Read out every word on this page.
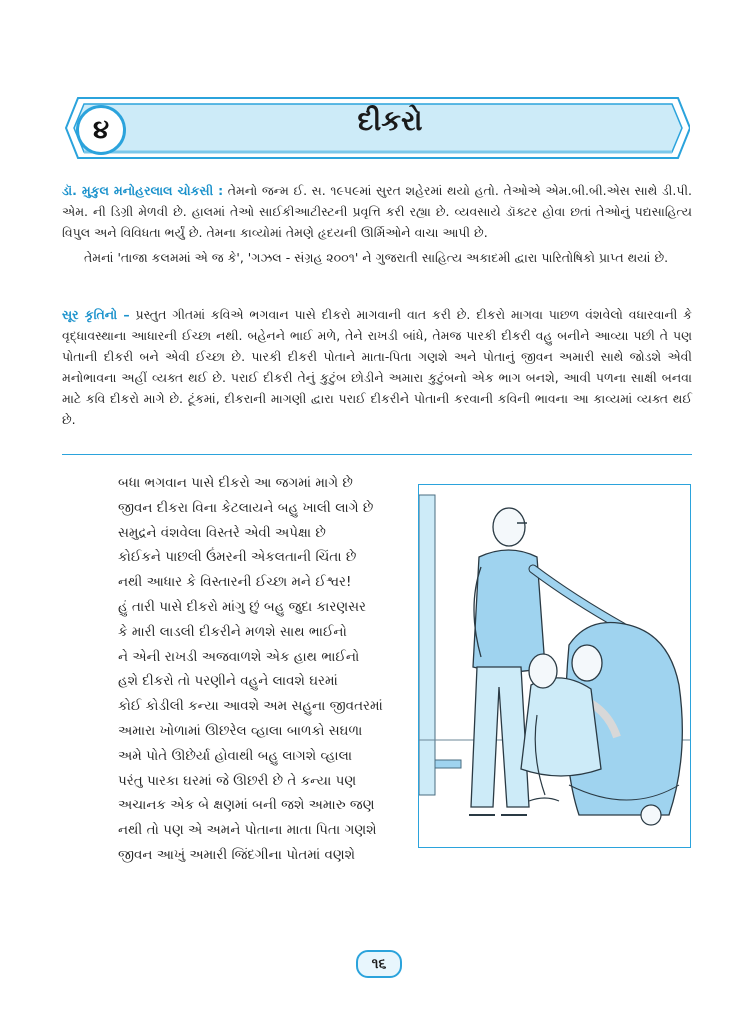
૪	દીકરો

ડૉ. મુકુલ મનોહરલાલ ચોકસી : તેમનો જન્મ ઈ. સ. ૧૯૫૯માં સુરત શહેરમાં થયો હતો. તેઓએ એમ.બી.બી.એસ સાથે ડી.પી. એમ. ની ડિગ્રી મેળવી છે. હાલમાં તેઓ સાઈકીઆટીસ્ટની પ્રવૃત્તિ કરી રહ્યા છે. વ્યવસાયે ડૉક્ટર હોવા છતાં તેઓનું પદ્યસાહિત્ય વિપુલ અને વિવિધતા ભર્યું છે. તેમના કાવ્યોમાં તેમણે હૃદયની ઊર્મિઓને વાચા આપી છે.

તેમનાં 'તાજા કલમમાં એ જ કે', 'ગઝલ - સંગ્રહ ૨૦૦૧' ને ગુજરાતી સાહિત્ય અકાદમી દ્વારા પારિતોષિકો પ્રાપ્ત થયાં છે.

સૂર કૃતિનો – પ્રસ્તુત ગીતમાં કવિએ ભગવાન પાસે દીકરો માગવાની વાત કરી છે. દીકરો માગવા પાછળ વંશવેલો વધારવાની કે વૃદ્ધાવસ્થાના આધારની ઈચ્છા નથી. બહેનને ભાઈ મળે, તેને રાખડી બાંધે, તેમજ પારકી દીકરી વહુ બનીને આવ્યા પછી તે પણ પોતાની દીકરી બને એવી ઈચ્છા છે. પારકી દીકરી પોતાને માતા-પિતા ગણશે અને પોતાનું જીવન અમારી સાથે જોડશે એવી મનોભાવના અહીં વ્યક્ત થઈ છે. પરાઈ દીકરી તેનું કુટુંબ છોડીને અમારા કુટુંબનો એક ભાગ બનશે, આવી પળના સાક્ષી બનવા માટે કવિ દીકરો માગે છે. ટૂંકમાં, દીકરાની માગણી દ્વારા પરાઈ દીકરીને પોતાની કરવાની કવિની ભાવના આ કાવ્યમાં વ્યક્ત થઈ છે.

બધા ભગવાન પાસે દીકરો આ જગમાં માગે છે
જીવન દીકરા વિના કેટલાયને બહુ ખાલી લાગે છે
સમુદ્રને વંશવેલા વિસ્તરે એવી અપેક્ષા છે
કોઈકને પાછલી ઉંમરની એકલતાની ચિંતા છે
નથી આધાર કે વિસ્તારની ઈચ્છા મને ઈશ્વર!
હું તારી પાસે દીકરો માંગુ છું બહુ જુદા કારણસર
કે મારી લાડલી દીકરીને મળશે સાથ ભાઈનો
ને એની રાખડી અજવાળશે એક હાથ ભાઈનો
હશે દીકરો તો પરણીને વહુને લાવશે ઘરમાં
કોઈ કોડીલી કન્યા આવશે અમ સહુના જીવતરમાં
અમારા ખોળામાં ઊછરેલ વ્હાલા બાળકો સઘળા
અમે પોતે ઊછેર્યા હોવાથી બહુ લાગશે વ્હાલા
પરંતુ પારકા ઘરમાં જે ઊછરી છે તે કન્યા પણ
અચાનક એક બે ક્ષણમાં બની જશે અમારુ જણ
નથી તો પણ એ અમને પોતાના માતા પિતા ગણશે
જીવન આખું અમારી જિંદગીના પોતમાં વણશે
૧૬
